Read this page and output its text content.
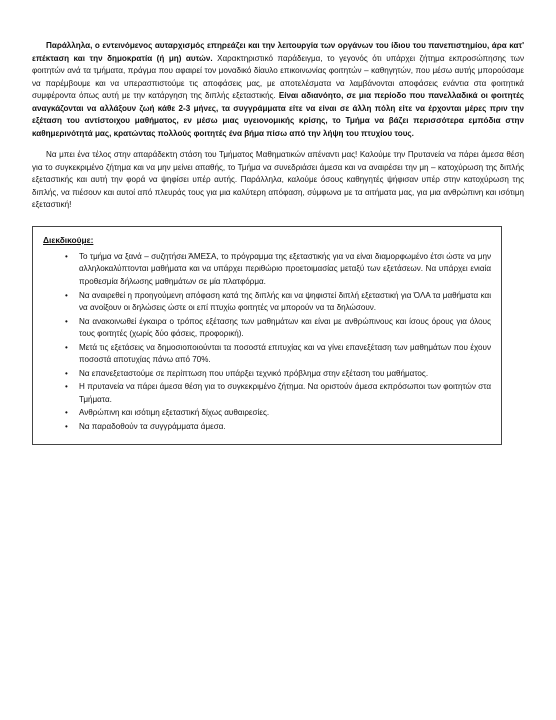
Παράλληλα, ο εντεινόμενος αυταρχισμός επηρεάζει και την λειτουργία των οργάνων του ίδιου του πανεπιστημίου, άρα κατ' επέκταση και την δημοκρατία (ή μη) αυτών. Χαρακτηριστικό παράδειγμα, το γεγονός ότι υπάρχει ζήτημα εκπροσώπησης των φοιτητών ανά τα τμήματα, πράγμα που αφαιρεί τον μοναδικό δίαυλο επικοινωνίας φοιτητών – καθηγητών, που μέσω αυτής μπορούσαμε να παρέμβουμε και να υπερασπιστούμε τις αποφάσεις μας, με αποτελέσματα να λαμβάνονται αποφάσεις ενάντια στα φοιτητικά συμφέροντα όπως αυτή με την κατάργηση της διπλής εξεταστικής. Είναι αδιανόητο, σε μια περίοδο που πανελλαδικά οι φοιτητές αναγκάζονται να αλλάξουν ζωή κάθε 2-3 μήνες, τα συγγράμματα είτε να είναι σε άλλη πόλη είτε να έρχονται μέρες πριν την εξέταση του αντίστοιχου μαθήματος, εν μέσω μιας υγειονομικής κρίσης, το Τμήμα να βάζει περισσότερα εμπόδια στην καθημερινότητά μας, κρατώντας πολλούς φοιτητές ένα βήμα πίσω από την λήψη του πτυχίου τους.

Να μπει ένα τέλος στην απαράδεκτη στάση του Τμήματος Μαθηματικών απέναντι μας! Καλούμε την Πρυτανεία να πάρει άμεσα θέση για το συγκεκριμένο ζήτημα και να μην μείνει απαθής, το Τμήμα να συνεδριάσει άμεσα και να αναιρέσει την μη – κατοχύρωση της διπλής εξεταστικής και αυτή την φορά να ψηφίσει υπέρ αυτής. Παράλληλα, καλούμε όσους καθηγητές ψήφισαν υπέρ στην κατοχύρωση της διπλής, να πιέσουν και αυτοί από πλευράς τους για μια καλύτερη απόφαση, σύμφωνα με τα αιτήματα μας, για μια ανθρώπινη και ισότιμη εξεταστική!

Διεκδικούμε:
• Το τμήμα να ξανά – συζητήσει ΆΜΕΣΑ, το πρόγραμμα της εξεταστικής για να είναι διαμορφωμένο έτσι ώστε να μην αλληλοκαλύπτονται μαθήματα και να υπάρχει περιθώριο προετοιμασίας μεταξύ των εξετάσεων. Να υπάρχει ενιαία προθεσμία δήλωσης μαθημάτων σε μία πλατφόρμα.
• Να αναιρεθεί η προηγούμενη απόφαση κατά της διπλής και να ψηφιστεί διπλή εξεταστική για ΌΛΑ τα μαθήματα και να ανοίξουν οι δηλώσεις ώστε οι επί πτυχίω φοιτητές να μπορούν να τα δηλώσουν.
• Να ανακοινωθεί έγκαιρα ο τρόπος εξέτασης των μαθημάτων και είναι με ανθρώπινους και ίσους όρους για όλους τους φοιτητές (χωρίς δύο φάσεις, προφορική).
• Μετά τις εξετάσεις να δημοσιοποιούνται τα ποσοστά επιτυχίας και να γίνει επανεξέταση των μαθημάτων που έχουν ποσοστά αποτυχίας πάνω από 70%.
• Να επανεξεταστούμε σε περίπτωση που υπάρξει τεχνικό πρόβλημα στην εξέταση του μαθήματος.
• Η πρυτανεία να πάρει άμεσα θέση για το συγκεκριμένο ζήτημα. Να οριστούν άμεσα εκπρόσωποι των φοιτητών στα Τμήματα.
• Ανθρώπινη και ισότιμη εξεταστική δίχως αυθαιρεσίες.
• Να παραδοθούν τα συγγράμματα άμεσα.
